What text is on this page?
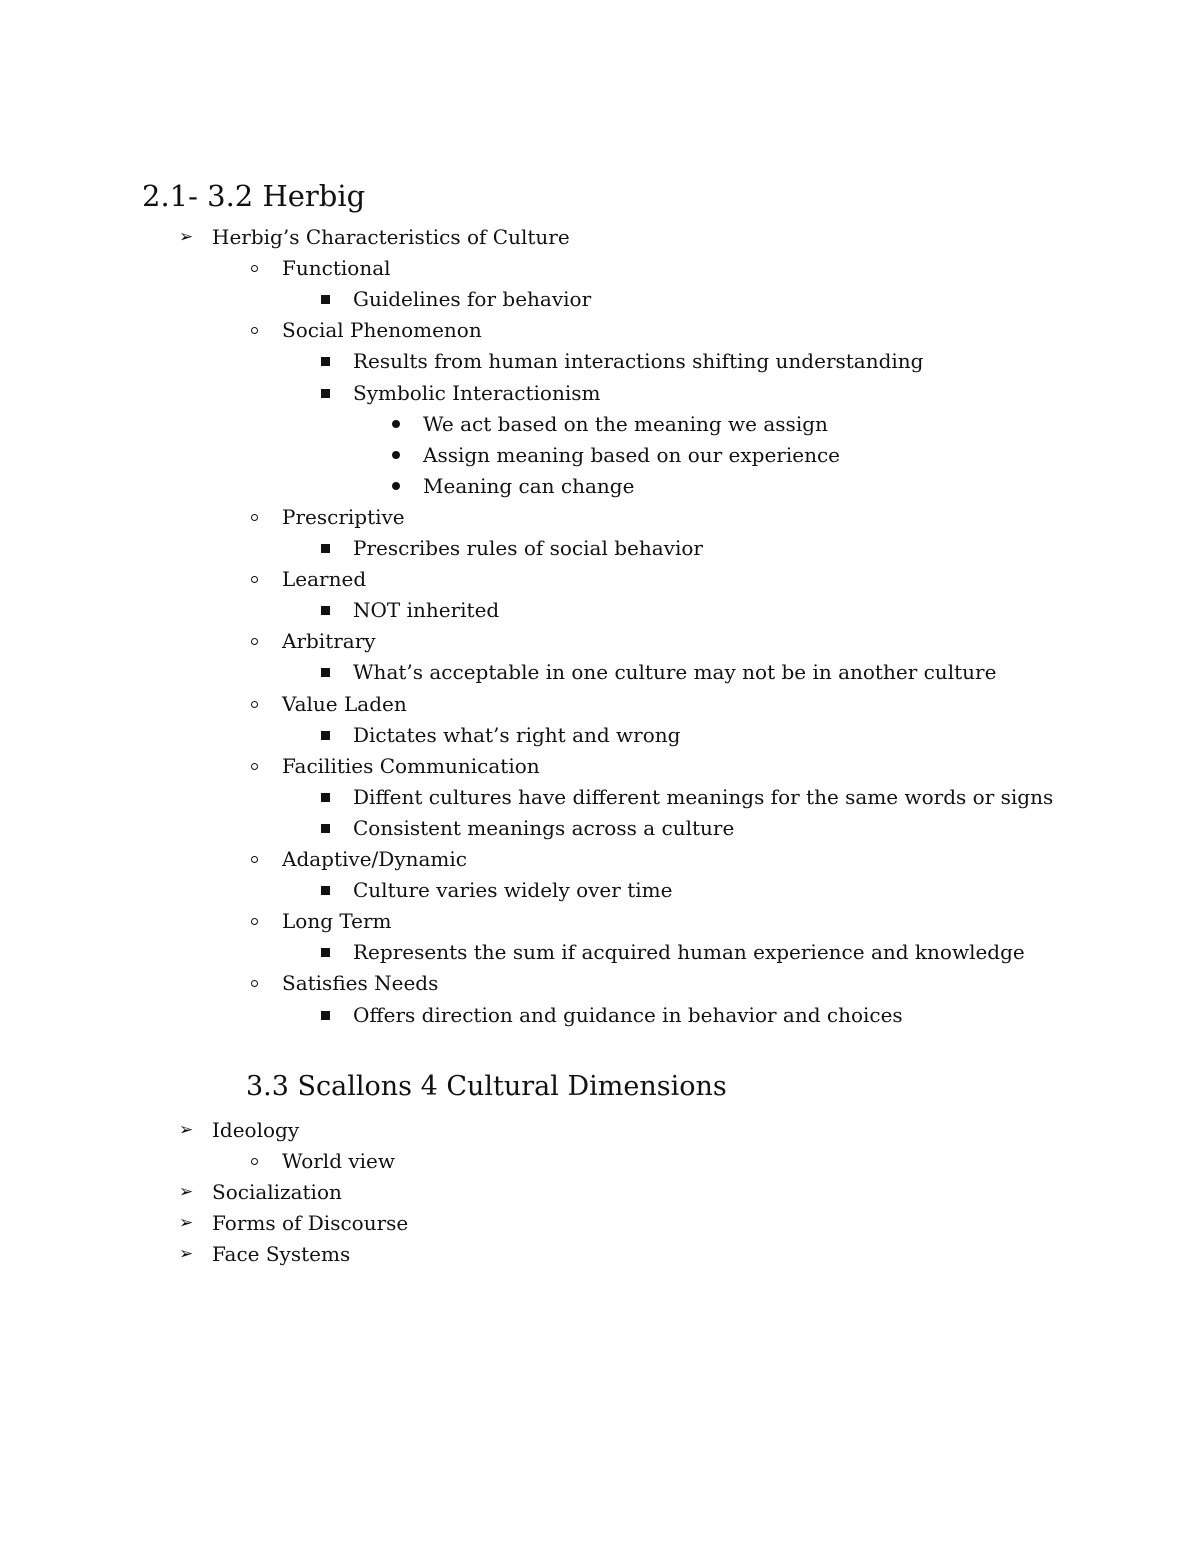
2.1- 3.2 Herbig
➢ Herbig’s Characteristics of Culture
Functional
Guidelines for behavior
Social Phenomenon
Results from human interactions shifting understanding
Symbolic Interactionism
We act based on the meaning we assign
Assign meaning based on our experience
Meaning can change
Prescriptive
Prescribes rules of social behavior
Learned
NOT inherited
Arbitrary
What’s acceptable in one culture may not be in another culture
Value Laden
Dictates what’s right and wrong
Facilities Communication
Diffent cultures have different meanings for the same words or signs
Consistent meanings across a culture
Adaptive/Dynamic
Culture varies widely over time
Long Term
Represents the sum if acquired human experience and knowledge
Satisfies Needs
Offers direction and guidance in behavior and choices
3.3 Scallons 4 Cultural Dimensions
➢ Ideology
World view
➢ Socialization
➢ Forms of Discourse
➢ Face Systems
